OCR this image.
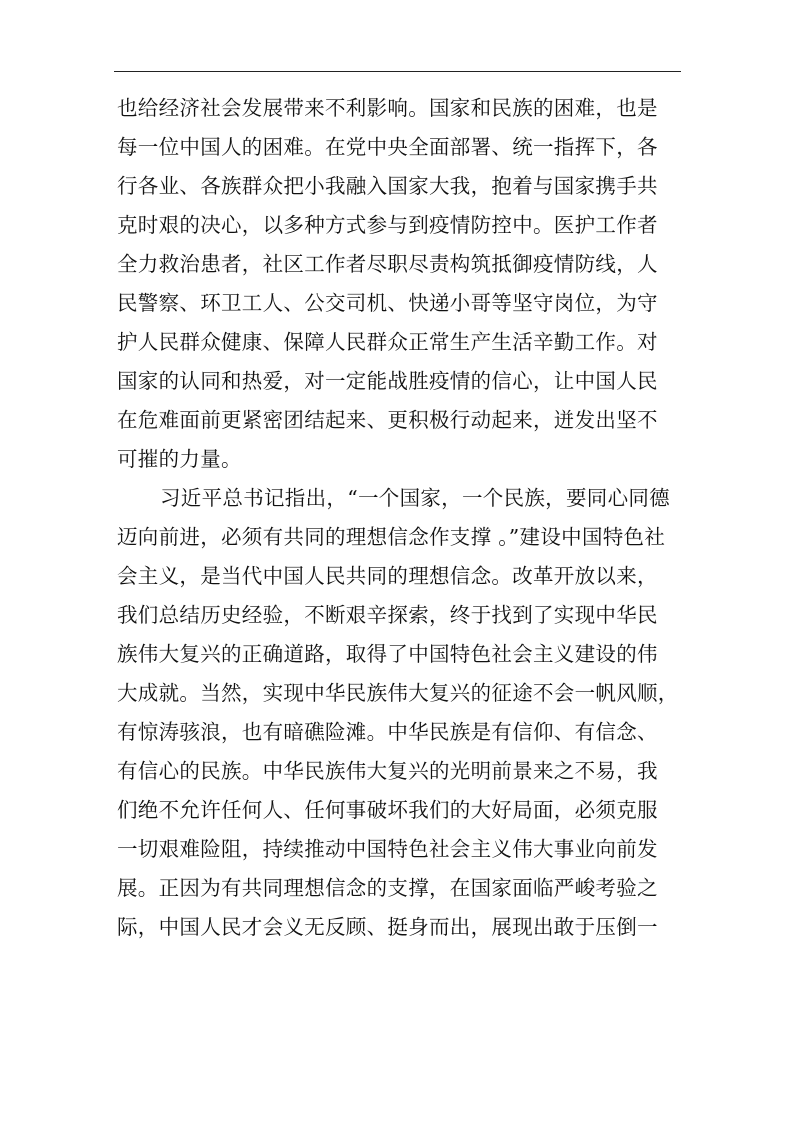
也给经济社会发展带来不利影响。国家和民族的困难，也是
每一位中国人的困难。在党中央全面部署、统一指挥下，各
行各业、各族群众把小我融入国家大我，抱着与国家携手共
克时艰的决心，以多种方式参与到疫情防控中。医护工作者
全力救治患者，社区工作者尽职尽责构筑抵御疫情防线，人
民警察、环卫工人、公交司机、快递小哥等坚守岗位，为守
护人民群众健康、保障人民群众正常生产生活辛勤工作。对
国家的认同和热爱，对一定能战胜疫情的信心，让中国人民
在危难面前更紧密团结起来、更积极行动起来，迸发出坚不
可摧的力量。
习近平总书记指出，“一个国家，一个民族，要同心同德
迈向前进，必须有共同的理想信念作支撑 。”建设中国特色社
会主义，是当代中国人民共同的理想信念。改革开放以来，
我们总结历史经验，不断艰辛探索，终于找到了实现中华民
族伟大复兴的正确道路，取得了中国特色社会主义建设的伟
大成就。当然，实现中华民族伟大复兴的征途不会一帆风顺，
有惊涛骇浪，也有暗礁险滩。中华民族是有信仰、有信念、
有信心的民族。中华民族伟大复兴的光明前景来之不易，我
们绝不允许任何人、任何事破坏我们的大好局面，必须克服
一切艰难险阻，持续推动中国特色社会主义伟大事业向前发
展。正因为有共同理想信念的支撑，在国家面临严峻考验之
际，中国人民才会义无反顾、挺身而出，展现出敢于压倒一
